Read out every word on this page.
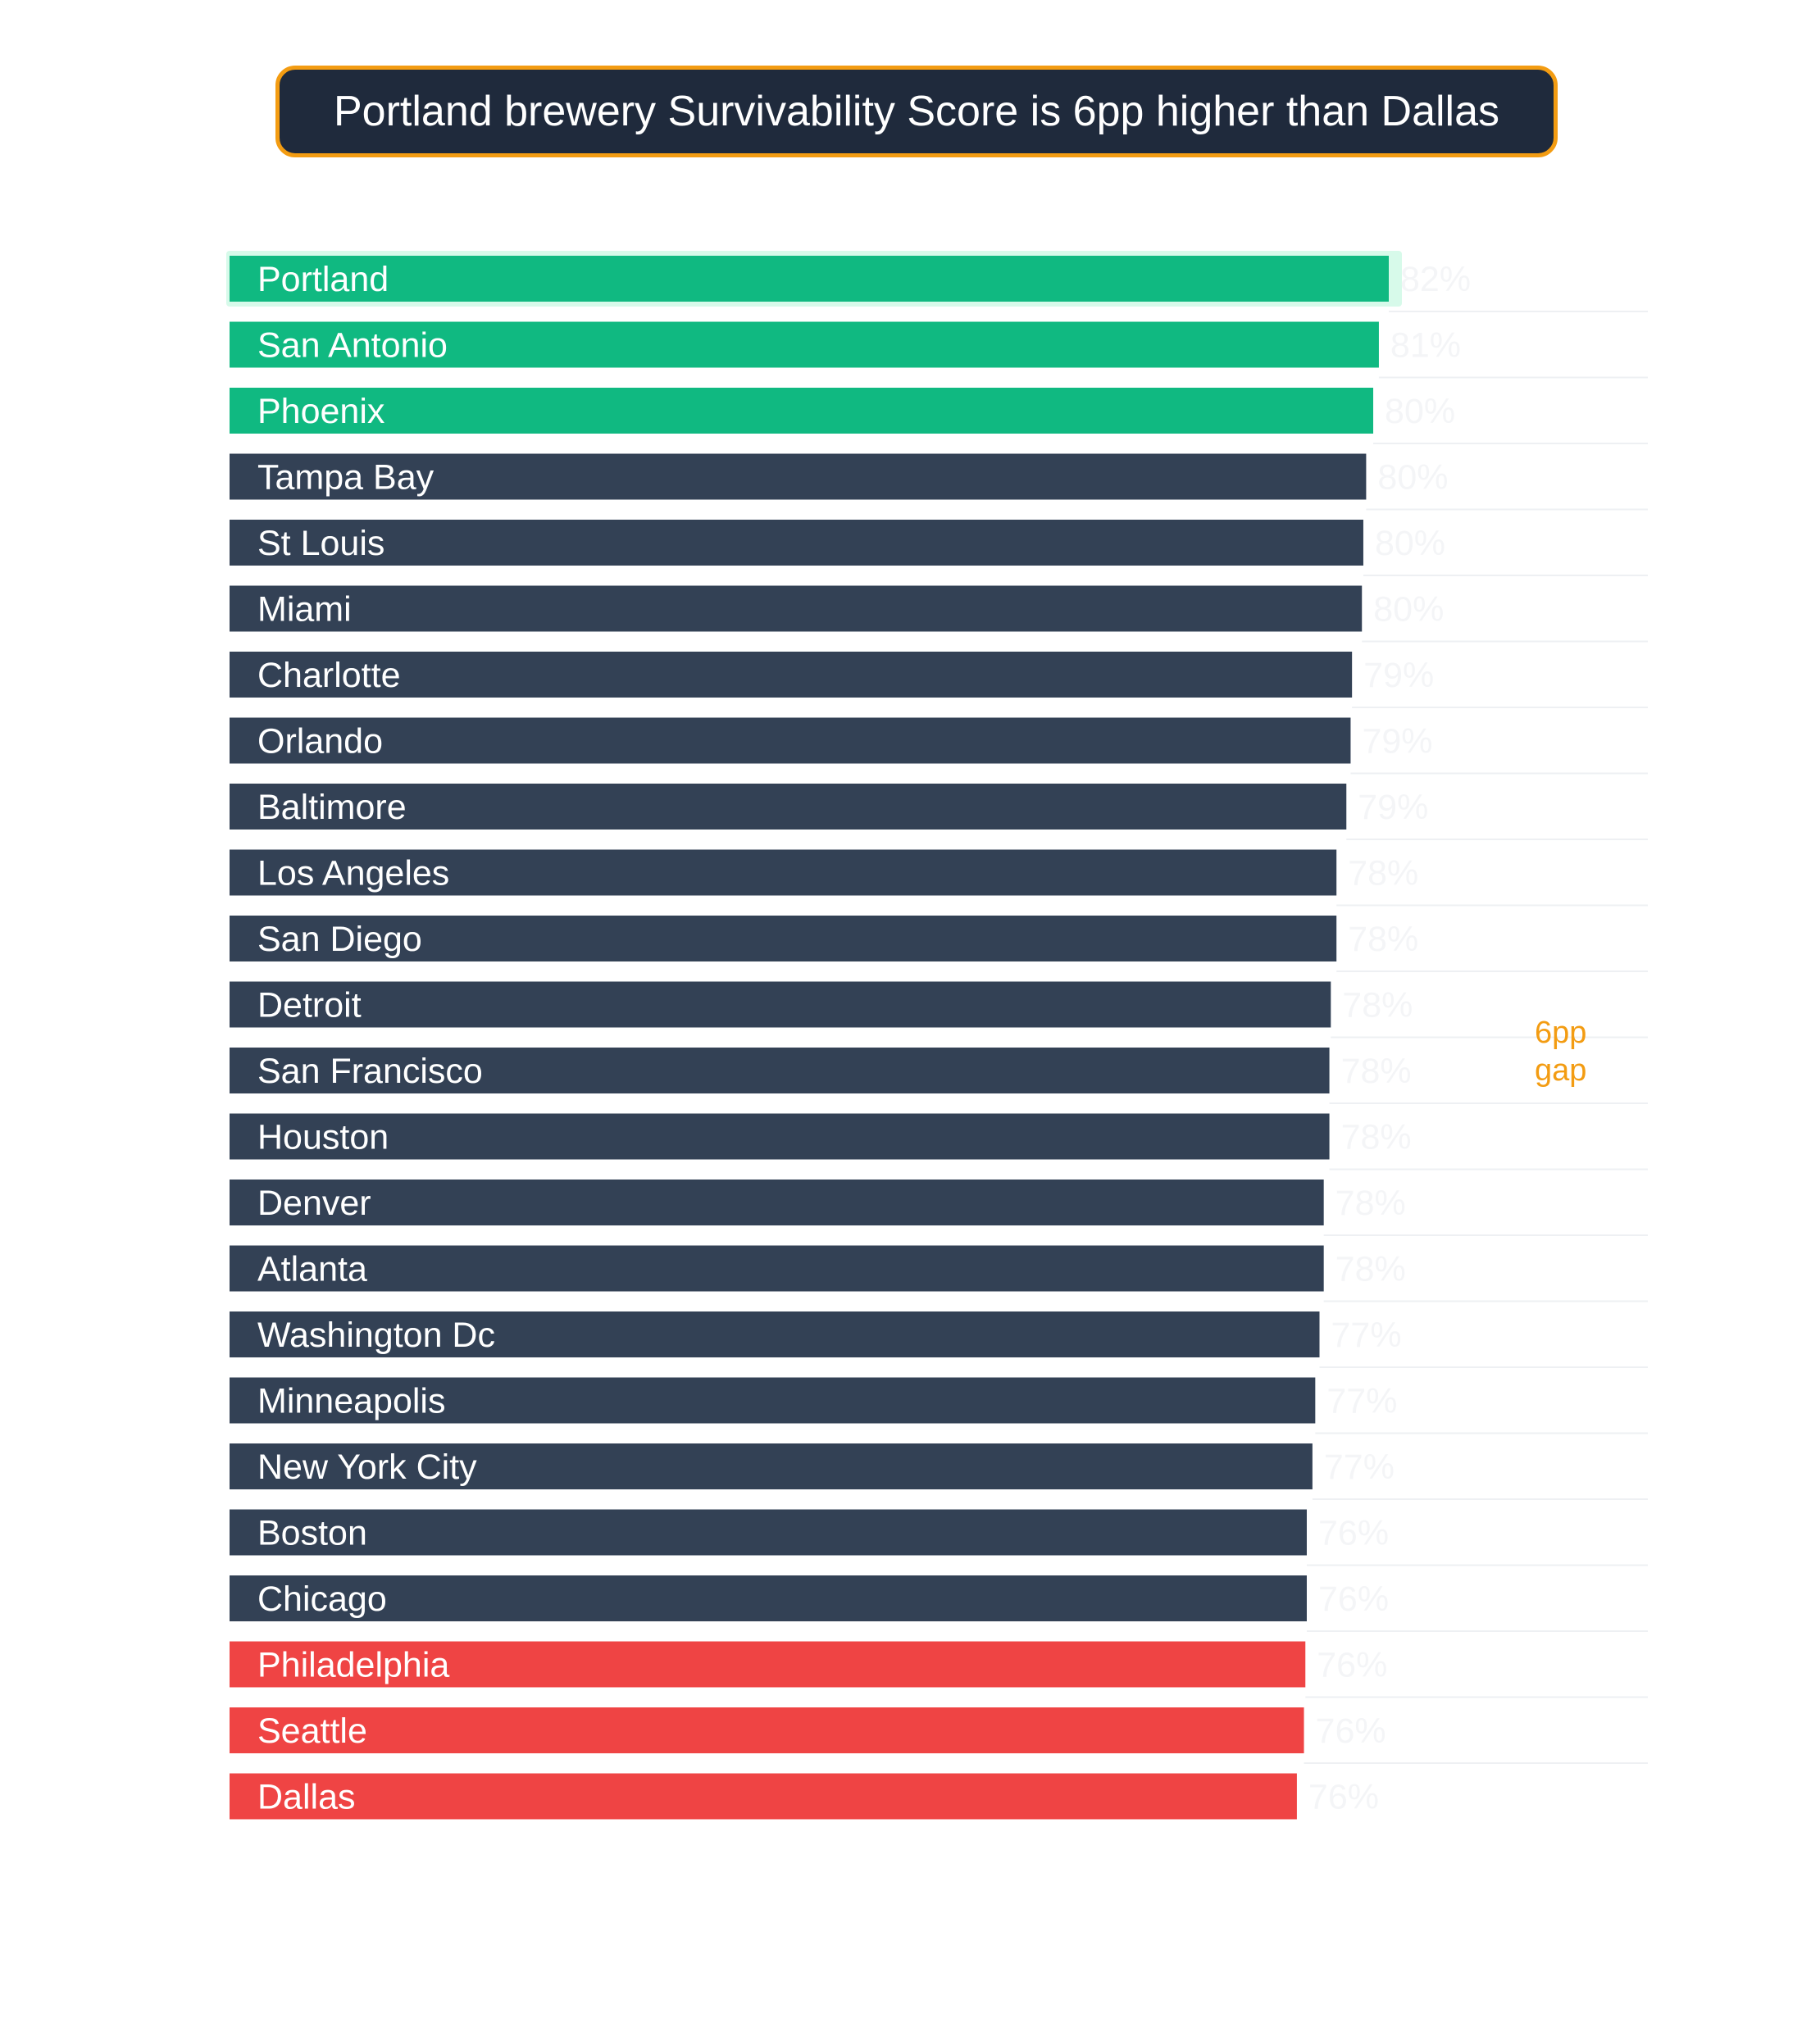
Portland brewery Survivability Score is 6pp higher than Dallas
Portland	82%
San Antonio	81%
Phoenix	80%
Tampa Bay	80%
St Louis	80%
Miami	80%
Charlotte	79%
Orlando	79%
Baltimore	79%
Los Angeles	78%
San Diego	78%
Detroit	78%
San Francisco	78%
Houston	78%
Denver	78%
Atlanta	78%
Washington Dc	77%
Minneapolis	77%
New York City	77%
Boston	76%
Chicago	76%
Philadelphia	76%
Seattle	76%
Dallas	76%
6pp
gap
